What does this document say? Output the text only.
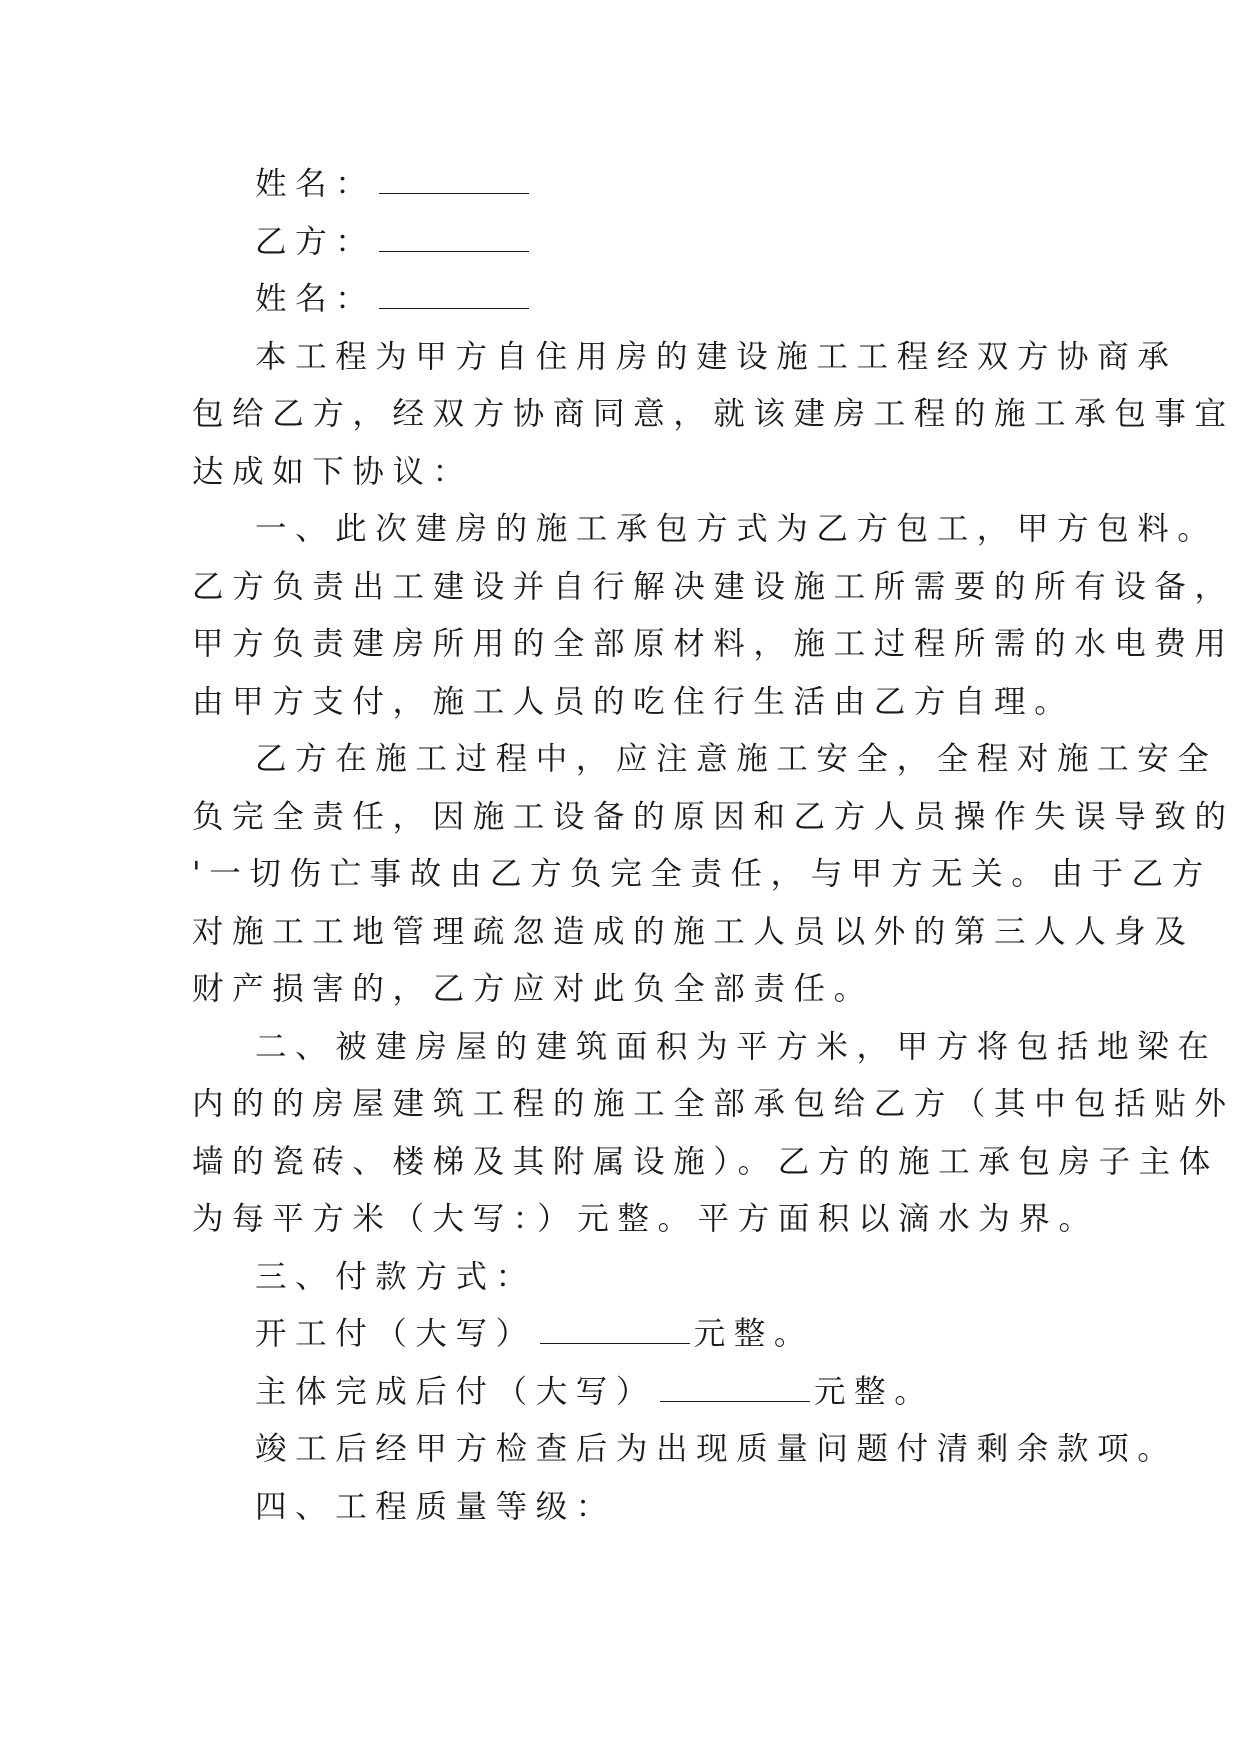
姓名：
乙方：
姓名：
本工程为甲方自住用房的建设施工工程经双方协商承
包给乙方，经双方协商同意，就该建房工程的施工承包事宜
达成如下协议：
一、此次建房的施工承包方式为乙方包工，甲方包料。
乙方负责出工建设并自行解决建设施工所需要的所有设备，
甲方负责建房所用的全部原材料，施工过程所需的水电费用
由甲方支付，施工人员的吃住行生活由乙方自理。
乙方在施工过程中，应注意施工安全，全程对施工安全
负完全责任，因施工设备的原因和乙方人员操作失误导致的
'一切伤亡事故由乙方负完全责任，与甲方无关。由于乙方
对施工工地管理疏忽造成的施工人员以外的第三人人身及
财产损害的，乙方应对此负全部责任。
二、被建房屋的建筑面积为平方米，甲方将包括地梁在
内的的房屋建筑工程的施工全部承包给乙方（其中包括贴外
墙的瓷砖、楼梯及其附属设施）。乙方的施工承包房子主体
为每平方米（大写：）元整。平方面积以滴水为界。
三、付款方式：
开工付（大写）	元整。
主体完成后付（大写）	元整。
竣工后经甲方检查后为出现质量问题付清剩余款项。
四、工程质量等级：
